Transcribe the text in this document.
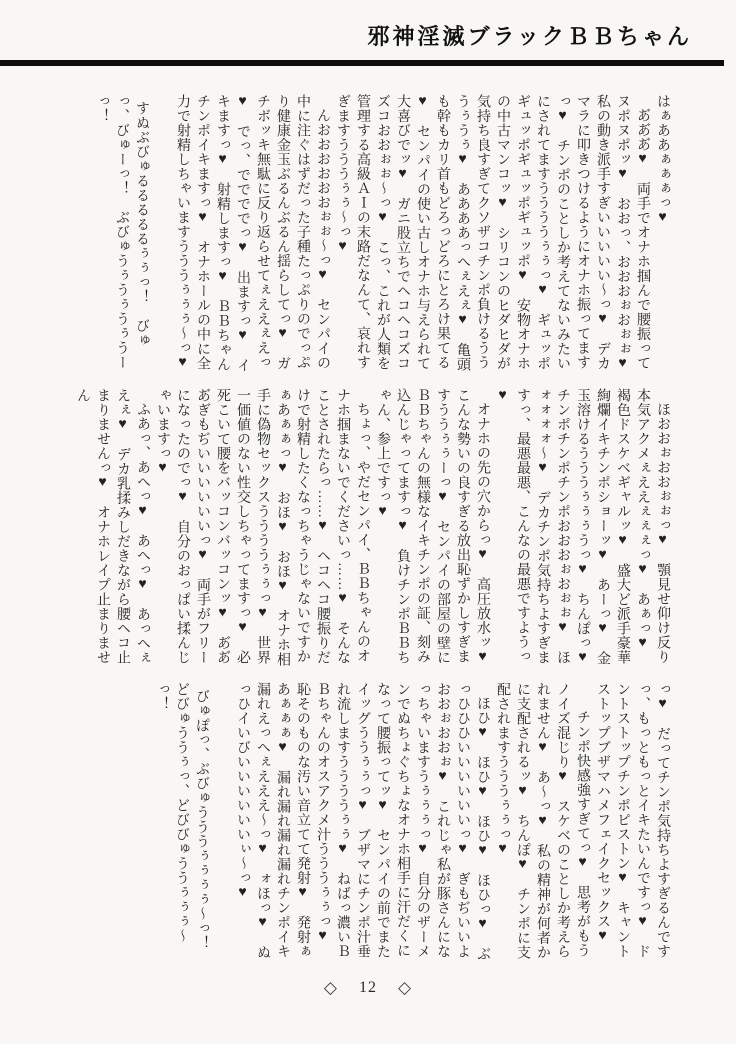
邪神淫滅ブラックＢＢちゃん

はぁああぁぁぁっ♥

あ゙あ゙あ゙♥　両手でオナホ掴んで腰振ってヌポヌポッ♥　おおっ、おおおぉおぉぉ♥　私の動き派手すぎいいいいい〜っ♥　デカマラに叩きつけるようにオナホ振ってますっ♥　チンポのことしか考えてないみたいにされてますううううぅぅっ♥　ギュッポギュッポギュッポギュッポ♥　安物オナホの中古マンコッ♥　シリコンのヒダヒダが気持ち良すぎてクソザコチンポ負けるうううぅうぅ♥　ああああっへぇえぇ♥　亀頭も幹もカリ首もどろっどろにとろけ果てる♥　センパイの使い古しオナホ与えられて大喜びでッ♥　ガニ股立ちでヘコヘコズコズコおおぉぉ〜っ♥　こっ、これが人類を管理する高級ＡＩの末路だなんて、哀れすぎますうううぅぅ〜っ♥

んおおおおおおぉぉ〜っ♥　センパイの中に注ぐはずだった子種たっぷりのでっぷり健康金玉ぶるんぶるん揺らしてっ♥　ガチボッキ無駄に反り返らせてぇええぇえっ♥　でっ、ででででっ♥　出ますっ♥　イキますっ♥　射精しますっ♥　ＢＢちゃんチンポイキますっ♥　オナホールの中に全力で射精しちゃいますうううぅぅぅ〜っ♥

すぬぶびゅるるるるるぅぅっ！　びゅっ、びゅーっ！　ぶびゅうぅうぅうぅうーっ！

ほおおぉおおぉぉっ♥　顎見せ仰け反り本気アクメぇええぇぇぇっ♥　あぁっ♥　褐色ドスケベギャルッ♥　盛大ど派手豪華絢爛イキチンポショーッ♥　あーっ♥　金玉溶けるうううぅぅぅうっ♥　ちんぽっ♥　チンポチンポチンポおおおぉおぉぉ♥　ほォォォォ〜♥　デカチンポ気持ちよすぎますっ、最悪最悪、こんなの最悪ですようっ♥

オナホの先の穴からっ♥　高圧放水ッ♥　こんな勢いの良すぎる放出恥ずかしすぎますううぅぅーっ♥　センパイの部屋の壁にＢＢちゃんの無様なイキチンポの証、刻み込んじゃってますっ♥　負けチンポＢＢちゃん、参上ですっ♥

ちょっ、やだセンパイ、ＢＢちゃんのオナホ掴まないでくださいっ……♥　そんなことされたらっ……♥　ヘコヘコ腰振りだけで射精したくなっちゃうじゃないですかぁあぁぁっ♥　おほ♥　おほ♥　オナホ相手に偽物セックスううううぅぅっ♥　世界一価値のない性交しちゃってますっ♥　必死こいて腰をバッコンバッコンッ♥　あ゙あ゙あ゙ぎもぢいいいいいいっ♥　両手がフリーになったのでっ♥　自分のおっぱい揉んじゃいますっ♥

ふあっ、あへっ♥　あへっ♥　あっへぇえぇ♥　デカ乳揉みしだきながら腰ヘコ止まりませんっ♥　オナホレイプ止まりません

っ♥　だってチンポ気持ちよすぎるんですっ、もっともっとイキたいんですっ♥　ドントストップチンポピストン♥　キャントストップブザマハメフェイクセックス♥

チンポ快感強すぎてっ♥　思考がもうノイズ混じり♥　スケベのことしか考えられません♥　あ〜っ♥　私の精神が何者かに支配されるッ♥　ちんぽ♥　チンポに支配されますうううぅぅっ♥

ほひ♥　ほひ♥　ほひ♥　ほひっ♥　ぶっひひひいいいいいいっ♥　ぎもぢいいよおおぉおおぉ♥　これじゃ私が豚さんになっちゃいますうぅぅぅっ♥　自分のザーメンでぬちょぐちょなオナホ相手に汗だくになって腰振ってッ♥　センパイの前でまたイッグううぅぅっ♥　ブザマにチンポ汁垂れ流しますううううぅぅ♥　ねばっ濃いＢＢちゃんのオスアクメ汁うううぅぅっ♥　恥そのものな汚い音立てて発射♥　発射ぁあぁぁぁ♥　漏れ漏れ漏れ漏れチンポイキ漏れえっへぇえええ〜っ♥　ォほっ♥　ぬっひイいびいいいいいいぃ〜っ♥

びゅぽっ、ぶびゅうううぅぅぅぅ〜っ！　どびゅううぅっ、どびびゅううぅぅぅ〜っ！

◇ 12 ◇
